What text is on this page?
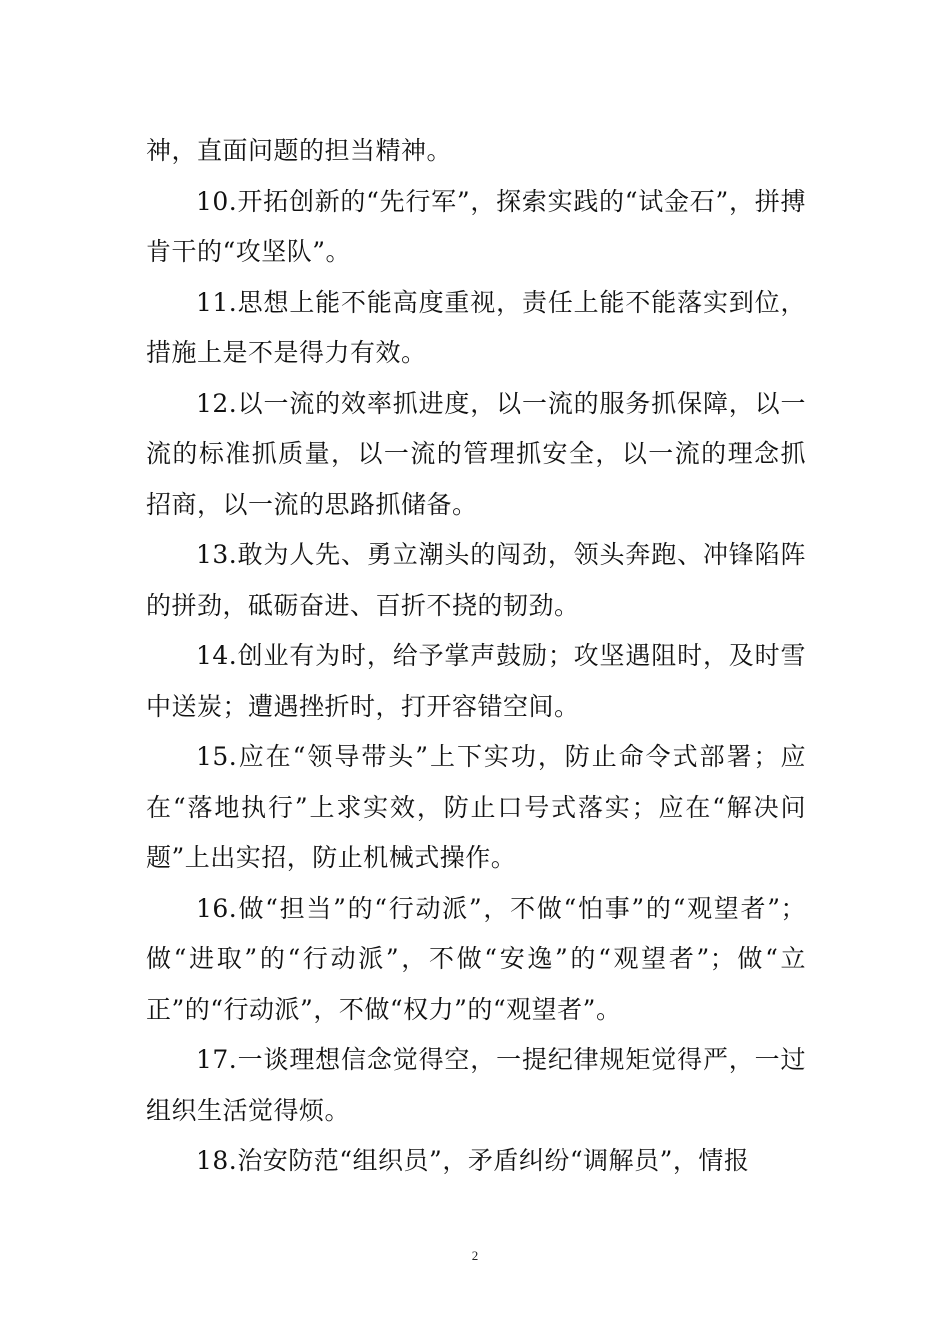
神，直面问题的担当精神。

10.开拓创新的“先行军”，探索实践的“试金石”，拼搏肯干的“攻坚队”。

11.思想上能不能高度重视，责任上能不能落实到位，措施上是不是得力有效。

12.以一流的效率抓进度，以一流的服务抓保障，以一流的标准抓质量，以一流的管理抓安全，以一流的理念抓招商，以一流的思路抓储备。

13.敢为人先、勇立潮头的闯劲，领头奔跑、冲锋陷阵的拼劲，砥砺奋进、百折不挠的韧劲。

14.创业有为时，给予掌声鼓励；攻坚遇阻时，及时雪中送炭；遭遇挫折时，打开容错空间。

15.应在“领导带头”上下实功，防止命令式部署；应在“落地执行”上求实效，防止口号式落实；应在“解决问题”上出实招，防止机械式操作。

16.做“担当”的“行动派”，不做“怕事”的“观望者”；做“进取”的“行动派”，不做“安逸”的“观望者”；做“立正”的“行动派”，不做“权力”的“观望者”。

17.一谈理想信念觉得空，一提纪律规矩觉得严，一过组织生活觉得烦。

18.治安防范“组织员”，矛盾纠纷“调解员”，情报

2
